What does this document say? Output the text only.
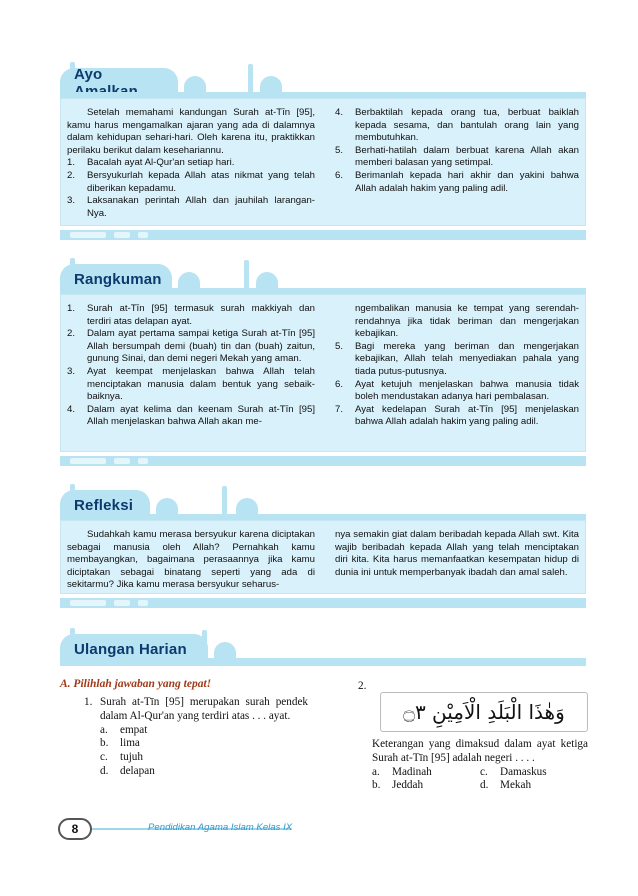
Ayo

Setelah memahami kandungan Surah at-Tīn [95], kamu harus mengamalkan ajaran yang ada di dalamnya dalam kehidupan sehari-hari. Oleh karena itu, praktikkan perilaku berikut dalam kesehariannu.

1. Bacalah ayat Al-Qur'an setiap hari.
2. Bersyukurlah kepada Allah atas nikmat yang telah diberikan kepadamu.
3. Laksanakan perintah Allah dan jauhilah larangan-Nya.
4. Berbaktilah kepada orang tua, berbuat baiklah kepada sesama, dan bantulah orang lain yang membutuhkan.
5. Berhati-hatilah dalam berbuat karena Allah akan memberi balasan yang setimpal.
6. Berimanlah kepada hari akhir dan yakini bahwa Allah adalah hakim yang paling adil.
Rangkuman
1. Surah at-Tīn [95] termasuk surah makkiyah dan terdiri atas delapan ayat.
2. Dalam ayat pertama sampai ketiga Surah at-Tīn [95] Allah bersumpah demi (buah) tin dan (buah) zaitun, gunung Sinai, dan demi negeri Mekah yang aman.
3. Ayat keempat menjelaskan bahwa Allah telah menciptakan manusia dalam bentuk yang sebaik-baiknya.
4. Dalam ayat kelima dan keenam Surah at-Tīn [95] Allah menjelaskan bahwa Allah akan me-

ngembalikan manusia ke tempat yang serendah-rendahnya jika tidak beriman dan mengerjakan kebajikan.

5. Bagi mereka yang beriman dan mengerjakan kebajikan, Allah telah menyediakan pahala yang tiada putus-putusnya.
6. Ayat ketujuh menjelaskan bahwa manusia tidak boleh mendustakan adanya hari pembalasan.
7. Ayat kedelapan Surah at-Tīn [95] menjelaskan bahwa Allah adalah hakim yang paling adil.
Refleksi

Sudahkah kamu merasa bersyukur karena diciptakan sebagai manusia oleh Allah? Pernahkah kamu membayangkan, bagaimana perasaannya jika kamu diciptakan sebagai binatang seperti yang ada di sekitarmu? Jika kamu merasa bersyukur seharus-

nya semakin giat dalam beribadah kepada Allah swt. Kita wajib beribadah kepada Allah yang telah menciptakan diri kita. Kita harus memanfaatkan kesempatan hidup di dunia ini untuk memperbanyak ibadah dan amal saleh.

Ulangan Harian
A. Pilihlah jawaban yang tepat!
1. Surah at-Tīn [95] merupakan surah pendek dalam Al-Qur'an yang terdiri atas . . . ayat.
a.	empat
b.	lima
c.	tujuh
d.	delapan
2.
وَهٰذَا الْبَلَدِ الْاَمِيْنِ ۝٣

Keterangan yang dimaksud dalam ayat ketiga Surah at-Tīn [95] adalah negeri . . . .

a.	Madinah
b.	Jeddah
c.	Damaskus
d.	Mekah
8	Pendidikan Agama Islam Kelas IX
